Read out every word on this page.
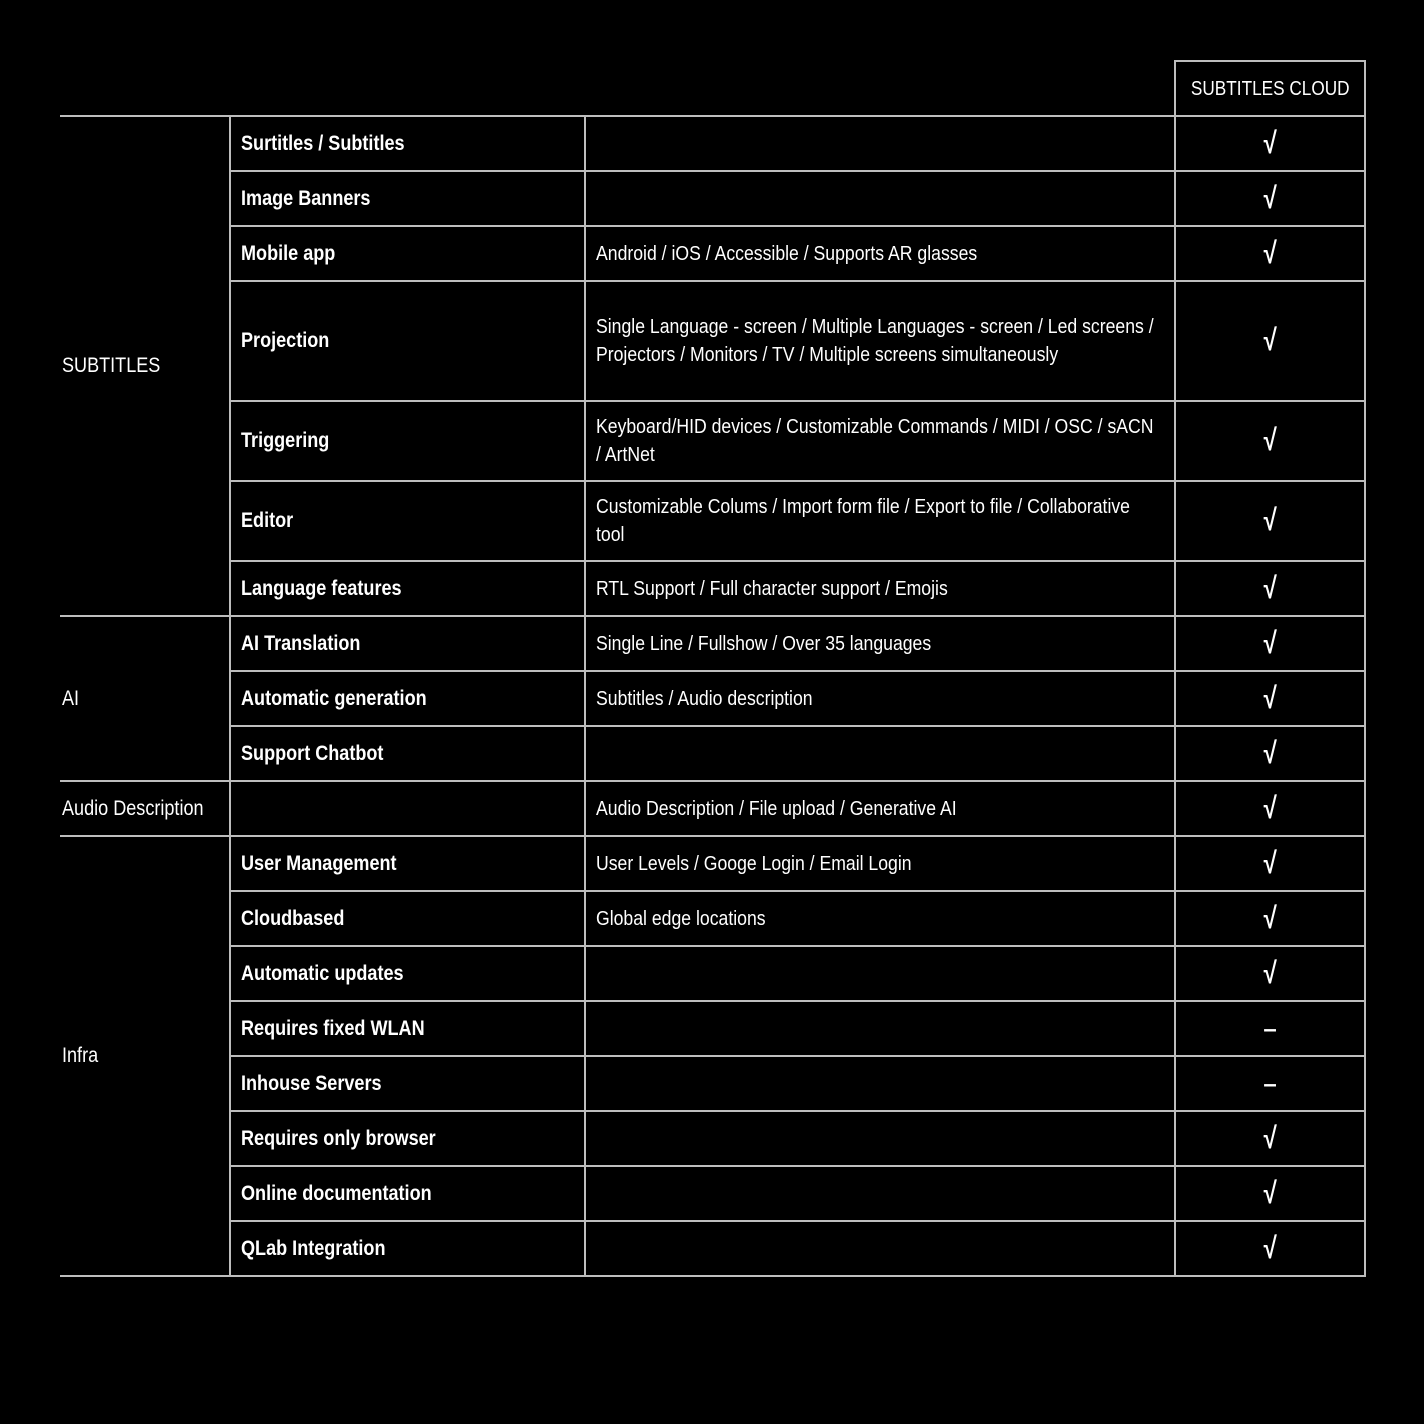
			SUBTITLES CLOUD
SUBTITLES	Surtitles / Subtitles		√
	Image Banners		√
	Mobile app	Android / iOS / Accessible / Supports AR glasses	√
	Projection	Single Language - screen / Multiple Languages - screen / Led screens / Projectors / Monitors / TV / Multiple screens simultaneously	√
	Triggering	Keyboard/HID devices / Customizable Commands / MIDI / OSC / sACN / ArtNet	√
	Editor	Customizable Colums / Import form file / Export to file / Collaborative tool	√
	Language features	RTL Support / Full character support / Emojis	√
AI	AI Translation	Single Line / Fullshow / Over 35 languages	√
	Automatic generation	Subtitles / Audio description	√
	Support Chatbot		√
Audio Description		Audio Description / File upload / Generative AI	√
Infra	User Management	User Levels / Googe Login / Email Login	√
	Cloudbased	Global edge locations	√
	Automatic updates		√
	Requires fixed WLAN		–
	Inhouse Servers		–
	Requires only browser		√
	Online documentation		√
	QLab Integration		√
